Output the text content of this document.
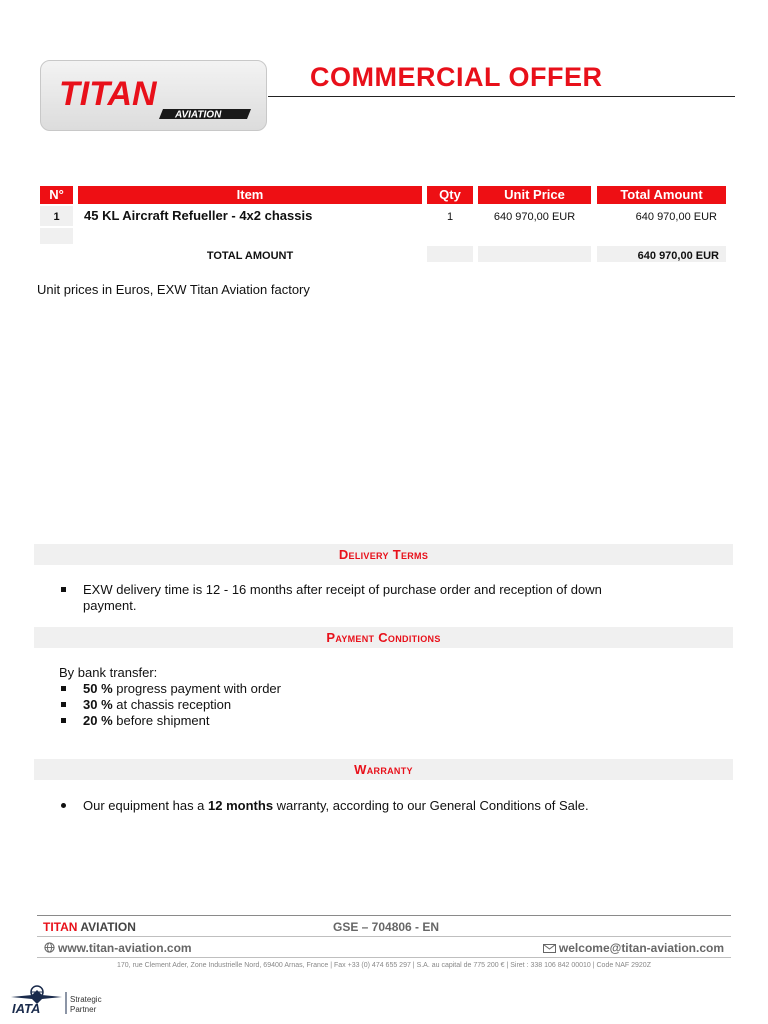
TITAN
AVIATION
COMMERCIAL OFFER
N°	Item	Qty	Unit Price	Total Amount
1	45 KL Aircraft Refueller - 4x2 chassis	1	640 970,00 EUR	640 970,00 EUR
TOTAL AMOUNT	640 970,00 EUR
Unit prices in Euros, EXW Titan Aviation factory
Delivery Terms
EXW delivery time is 12 - 16 months after receipt of purchase order and reception of down
payment.
Payment Conditions
By bank transfer:
50 % progress payment with order
30 % at chassis reception
20 % before shipment
Warranty
Our equipment has a 12 months warranty, according to our General Conditions of Sale.
TITAN AVIATION	GSE – 704806 - EN
www.titan-aviation.com	welcome@titan-aviation.com
170, rue Clement Ader, Zone Industrielle Nord, 69400 Arnas, France | Fax +33 (0) 474 655 297 | S.A. au capital de 775 200 € | Siret : 338 106 842 00010 | Code NAF 2920Z
IATA
Strategic
Partner
